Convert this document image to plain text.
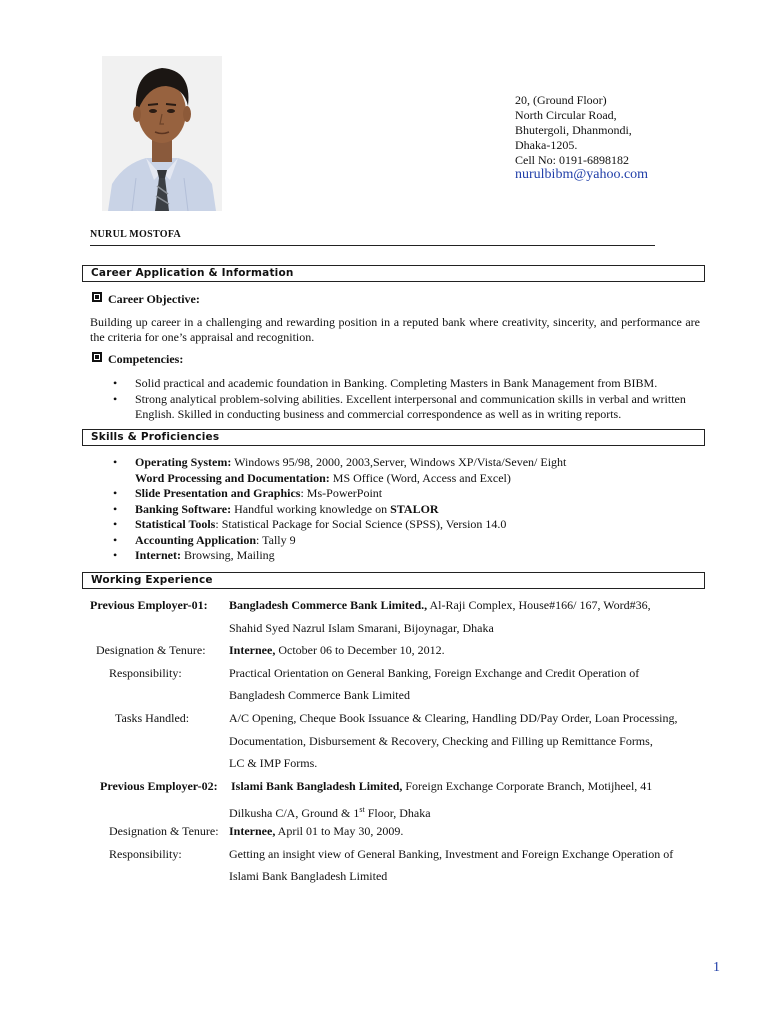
20, (Ground Floor)
North Circular Road,
Bhutergoli, Dhanmondi,
Dhaka-1205.
Cell No: 0191-6898182
nurulbibm@yahoo.com
NURUL MOSTOFA
Career Application & Information
Career Objective:
Building up career in a challenging and rewarding position in a reputed bank where creativity, sincerity, and performance are the criteria for one’s appraisal and recognition.
Competencies:
• Solid practical and academic foundation in Banking. Completing Masters in Bank Management from BIBM.
• Strong analytical problem-solving abilities. Excellent interpersonal and communication skills in verbal and written English. Skilled in conducting business and commercial correspondence as well as in writing reports.
Skills & Proficiencies
• Operating System: Windows 95/98, 2000, 2003,Server, Windows XP/Vista/Seven/ Eight
Word Processing and Documentation: MS Office (Word, Access and Excel)
• Slide Presentation and Graphics: Ms-PowerPoint
• Banking Software: Handful working knowledge on STALOR
• Statistical Tools: Statistical Package for Social Science (SPSS), Version 14.0
• Accounting Application: Tally 9
• Internet: Browsing, Mailing
Working Experience
Previous Employer-01: Bangladesh Commerce Bank Limited., Al-Raji Complex, House#166/ 167, Word#36,
Shahid Syed Nazrul Islam Smarani, Bijoynagar, Dhaka
Designation & Tenure: Internee, October 06 to December 10, 2012.
Responsibility:	Practical Orientation on General Banking, Foreign Exchange and Credit Operation of
Bangladesh Commerce Bank Limited
Tasks Handled:	A/C Opening, Cheque Book Issuance & Clearing, Handling DD/Pay Order, Loan Processing,
Documentation, Disbursement & Recovery, Checking and Filling up Remittance Forms,
LC & IMP Forms.
Previous Employer-02: Islami Bank Bangladesh Limited, Foreign Exchange Corporate Branch, Motijheel, 41
Dilkusha C/A, Ground & 1st Floor, Dhaka
Designation & Tenure: Internee, April 01 to May 30, 2009.
Responsibility:	Getting an insight view of General Banking, Investment and Foreign Exchange Operation of
Islami Bank Bangladesh Limited
1
